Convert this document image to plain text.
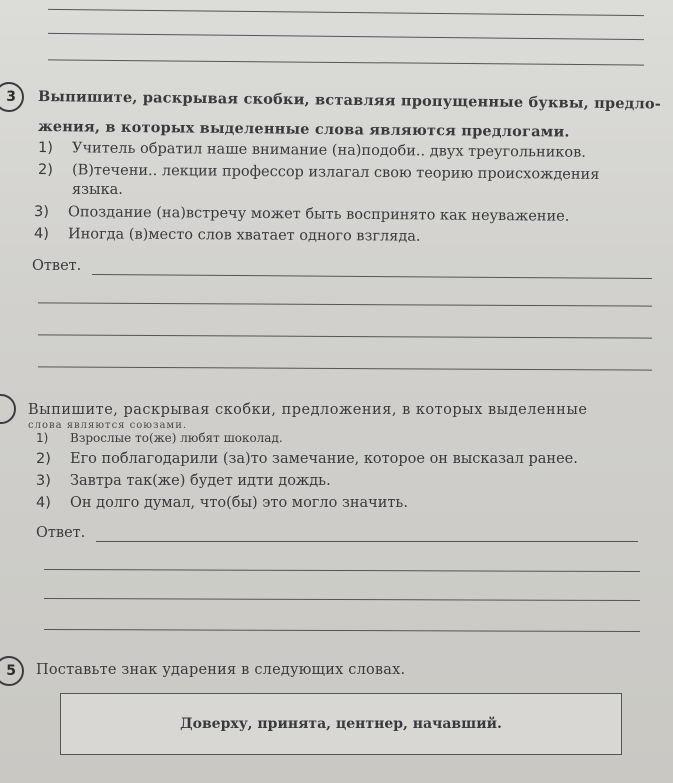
3 Выпишите, раскрывая скобки, вставляя пропущенные буквы, предло-
жения, в которых выделенные слова являются предлогами.
1) Учитель обратил наше внимание (на)подоби.. двух треугольников.
2) (В)течени.. лекции профессор излагал свою теорию происхождения
языка.
3) Опоздание (на)встречу может быть воспринято как неуважение.
4) Иногда (в)место слов хватает одного взгляда.
Ответ.
Выпишите, раскрывая скобки, предложения, в которых выделенные
слова являются союзами.
1) Взрослые то(же) любят шоколад.
2) Его поблагодарили (за)то замечание, которое он высказал ранее.
3) Завтра так(же) будет идти дождь.
4) Он долго думал, что(бы) это могло значить.
Ответ.
5 Поставьте знак ударения в следующих словах.
Доверху, принята, центнер, начавший.
